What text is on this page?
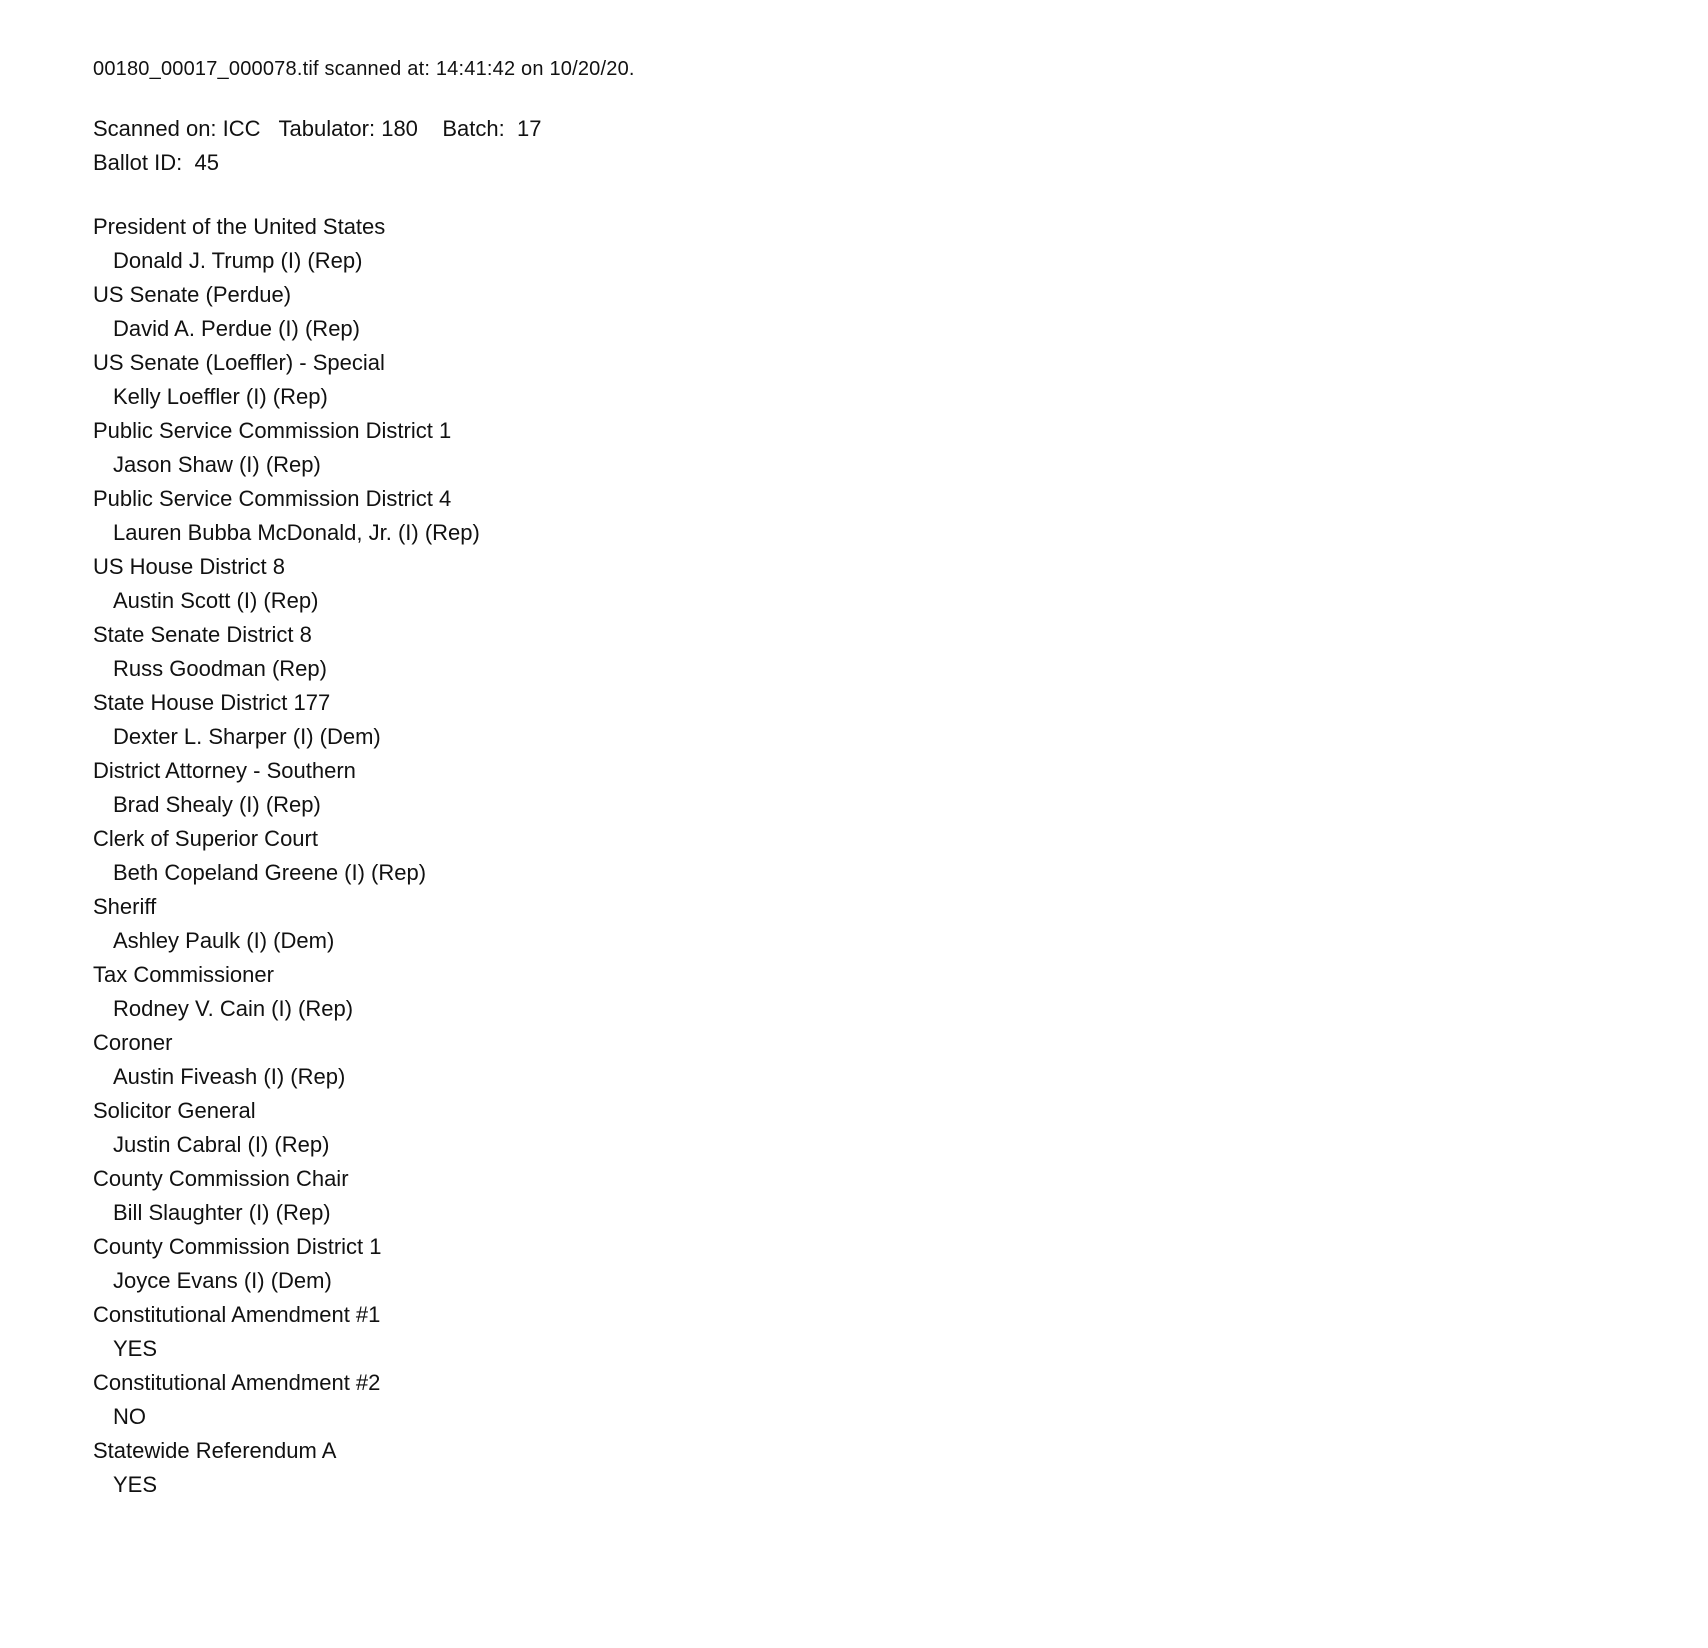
00180_00017_000078.tif scanned at: 14:41:42 on 10/20/20.
Scanned on: ICC   Tabulator: 180    Batch:  17
Ballot ID:  45
President of the United States
Donald J. Trump (I) (Rep)
US Senate (Perdue)
David A. Perdue (I) (Rep)
US Senate (Loeffler) - Special
Kelly Loeffler (I) (Rep)
Public Service Commission District 1
Jason Shaw (I) (Rep)
Public Service Commission District 4
Lauren Bubba McDonald, Jr. (I) (Rep)
US House District 8
Austin Scott (I) (Rep)
State Senate District 8
Russ Goodman (Rep)
State House District 177
Dexter L. Sharper (I) (Dem)
District Attorney - Southern
Brad Shealy (I) (Rep)
Clerk of Superior Court
Beth Copeland Greene (I) (Rep)
Sheriff
Ashley Paulk (I) (Dem)
Tax Commissioner
Rodney V. Cain (I) (Rep)
Coroner
Austin Fiveash (I) (Rep)
Solicitor General
Justin Cabral (I) (Rep)
County Commission Chair
Bill Slaughter (I) (Rep)
County Commission District 1
Joyce Evans (I) (Dem)
Constitutional Amendment #1
YES
Constitutional Amendment #2
NO
Statewide Referendum A
YES
